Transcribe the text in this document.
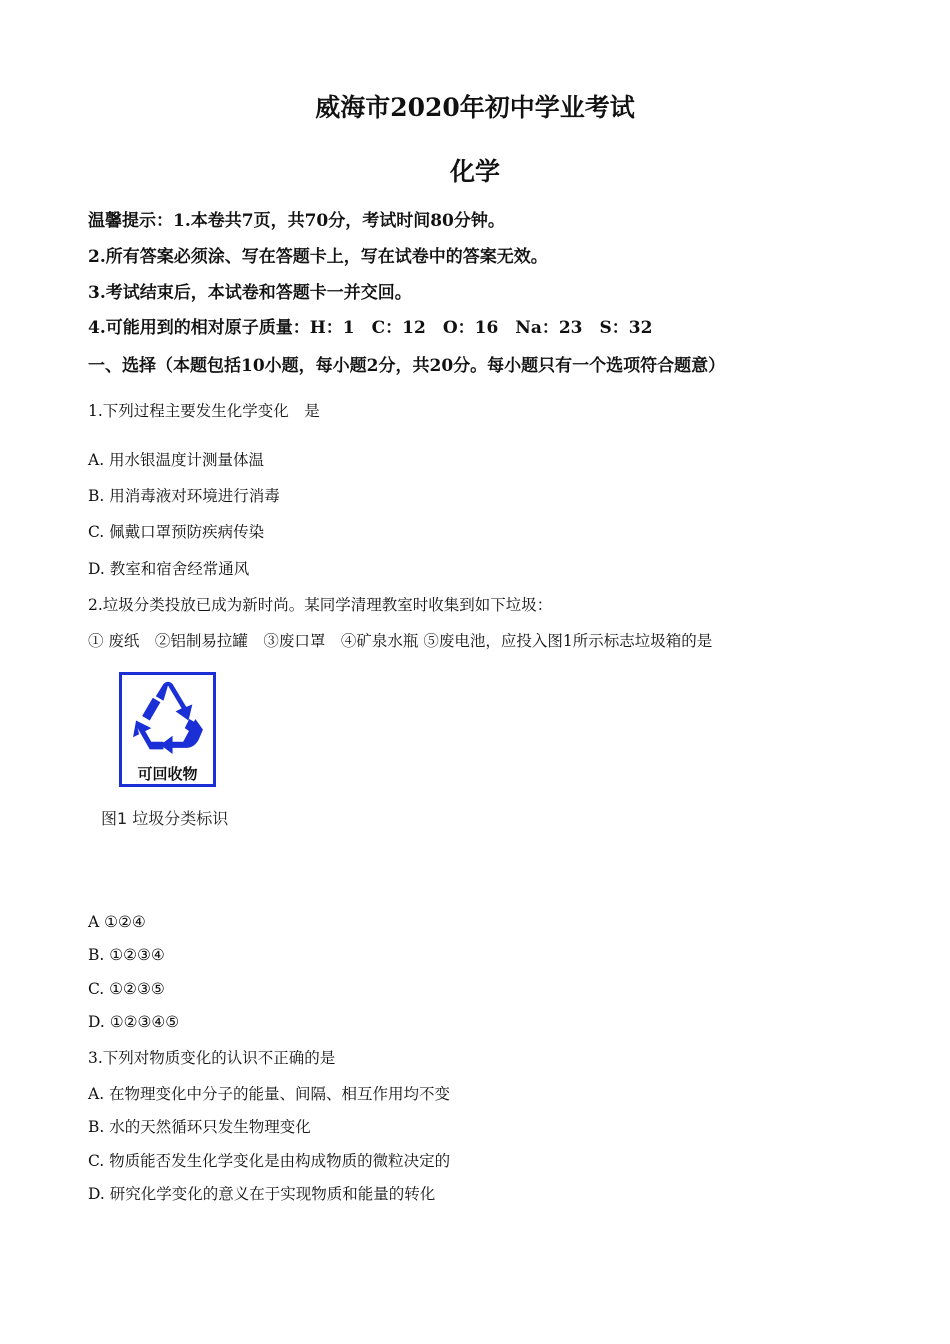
威海市2020年初中学业考试
化学
温馨提示：1.本卷共7页，共70分，考试时间80分钟。
2.所有答案必须涂、写在答题卡上，写在试卷中的答案无效。
3.考试结束后，本试卷和答题卡一并交回。
4.可能用到的相对原子质量：H：1　C：12　O：16　Na：23　S：32
一、选择（本题包括10小题，每小题2分，共20分。每小题只有一个选项符合题意）
1.下列过程主要发生化学变化　是
A. 用水银温度计测量体温
B. 用消毒液对环境进行消毒
C. 佩戴口罩预防疾病传染
D. 教室和宿舍经常通风
2.垃圾分类投放已成为新时尚。某同学清理教室时收集到如下垃圾：
① 废纸　②铝制易拉罐　③废口罩　④矿泉水瓶 ⑤废电池，应投入图1所示标志垃圾箱的是
可回收物
图1 垃圾分类标识
A ①②④
B. ①②③④
C. ①②③⑤
D. ①②③④⑤
3.下列对物质变化的认识不正确的是
A. 在物理变化中分子的能量、间隔、相互作用均不变
B. 水的天然循环只发生物理变化
C. 物质能否发生化学变化是由构成物质的微粒决定的
D. 研究化学变化的意义在于实现物质和能量的转化
